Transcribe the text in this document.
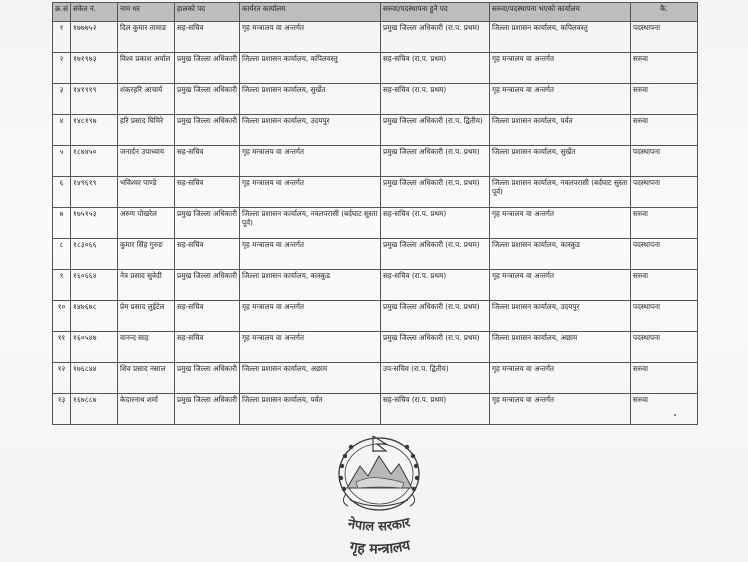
क्र.सं	संकेत नं.	नाम थर	हालको पद	कार्यरत कार्यालय	सरुवा/पदस्थापना हुने पद	सरुवा/पदस्थापना भएको कार्यालय	कै.
१	१७७७५२	दिल कुमार तामाङ	सह-सचिव	गृह मन्त्रालय वा अन्तर्गत	प्रमुख जिल्ला अधिकारी (रा.प. प्रथम)	जिल्ला प्रशासन कार्यालय, कपिलवस्तु	पदस्थापना
२	१७१९७३	विश्व प्रकाश अर्याल	प्रमुख जिल्ला अधिकारी	जिल्ला प्रशासन कार्यालय, कपिलवस्तु	सह-सचिव (रा.प. प्रथम)	गृह मन्त्रालय वा अन्तर्गत	सरुवा
३	१४१९१९	शंकरहरि आचार्य	प्रमुख जिल्ला अधिकारी	जिल्ला प्रशासन कार्यालय, सुर्खेत	सह-सचिव (रा.प. प्रथम)	गृह मन्त्रालय वा अन्तर्गत	सरुवा
४	१४८१९७	हरि प्रसाद घिमिरे	प्रमुख जिल्ला अधिकारी	जिल्ला प्रशासन कार्यालय, उदयपुर	प्रमुख जिल्ला अधिकारी (रा.प. द्वितीय)	जिल्ला प्रशासन कार्यालय, पर्वत	सरुवा
५	१८७४५०	जनार्दन उपाध्याय	सह-सचिव	गृह मन्त्रालय वा अन्तर्गत	प्रमुख जिल्ला अधिकारी (रा.प. प्रथम)	जिल्ला प्रशासन कार्यालय, सुर्खेत	पदस्थापना
६	१४९६१९	भविश्वर पाण्डे	सह-सचिव	गृह मन्त्रालय वा अन्तर्गत	प्रमुख जिल्ला अधिकारी (रा.प. प्रथम)	जिल्ला प्रशासन कार्यालय, नवलपरासी (बर्दघाट सुस्ता पूर्व)	पदस्थापना
७	१७५१५३	अरुण पोखरेल	प्रमुख जिल्ला अधिकारी	जिल्ला प्रशासन कार्यालय, नवलपरासी (बर्दघाट सुस्ता पूर्व)	सह-सचिव (रा.प. प्रथम)	गृह मन्त्रालय वा अन्तर्गत	सरुवा
८	१८३०६६	कुमार सिंह गुरुङ	सह-सचिव	गृह मन्त्रालय वा अन्तर्गत	प्रमुख जिल्ला अधिकारी (रा.प. प्रथम)	जिल्ला प्रशासन कार्यालय, कास्कुड	पदस्थापना
९	१६०६६४	नेत्र प्रसाद सुवेदी	प्रमुख जिल्ला अधिकारी	जिल्ला प्रशासन कार्यालय, कास्कुड	सह-सचिव (रा.प. प्रथम)	गृह मन्त्रालय वा अन्तर्गत	सरुवा
१०	१४७६७८	प्रेम प्रसाद लुईटेल	सह-सचिव	गृह मन्त्रालय वा अन्तर्गत	प्रमुख जिल्ला अधिकारी (रा.प. प्रथम)	जिल्ला प्रशासन कार्यालय, उदयपुर	पदस्थापना
११	१६०५४७	वानन्द साह	सह-सचिव	गृह मन्त्रालय वा अन्तर्गत	प्रमुख जिल्ला अधिकारी (रा.प. प्रथम)	जिल्ला प्रशासन कार्यालय, अछाम	पदस्थापना
१२	१७६८४४	शिव प्रसाद नसाल	प्रमुख जिल्ला अधिकारी	जिल्ला प्रशासन कार्यालय, अछाम	उप-सचिव (रा.प. द्वितीय)	गृह मन्त्रालय वा अन्तर्गत	सरुवा
१३	१६७८८७	केदारनाथ शर्मा	प्रमुख जिल्ला अधिकारी	जिल्ला प्रशासन कार्यालय, पर्वत	सह-सचिव (रा.प. प्रथम)	गृह मन्त्रालय वा अन्तर्गत	सरुवा
नेपाल सरकार
गृह मन्त्रालय
